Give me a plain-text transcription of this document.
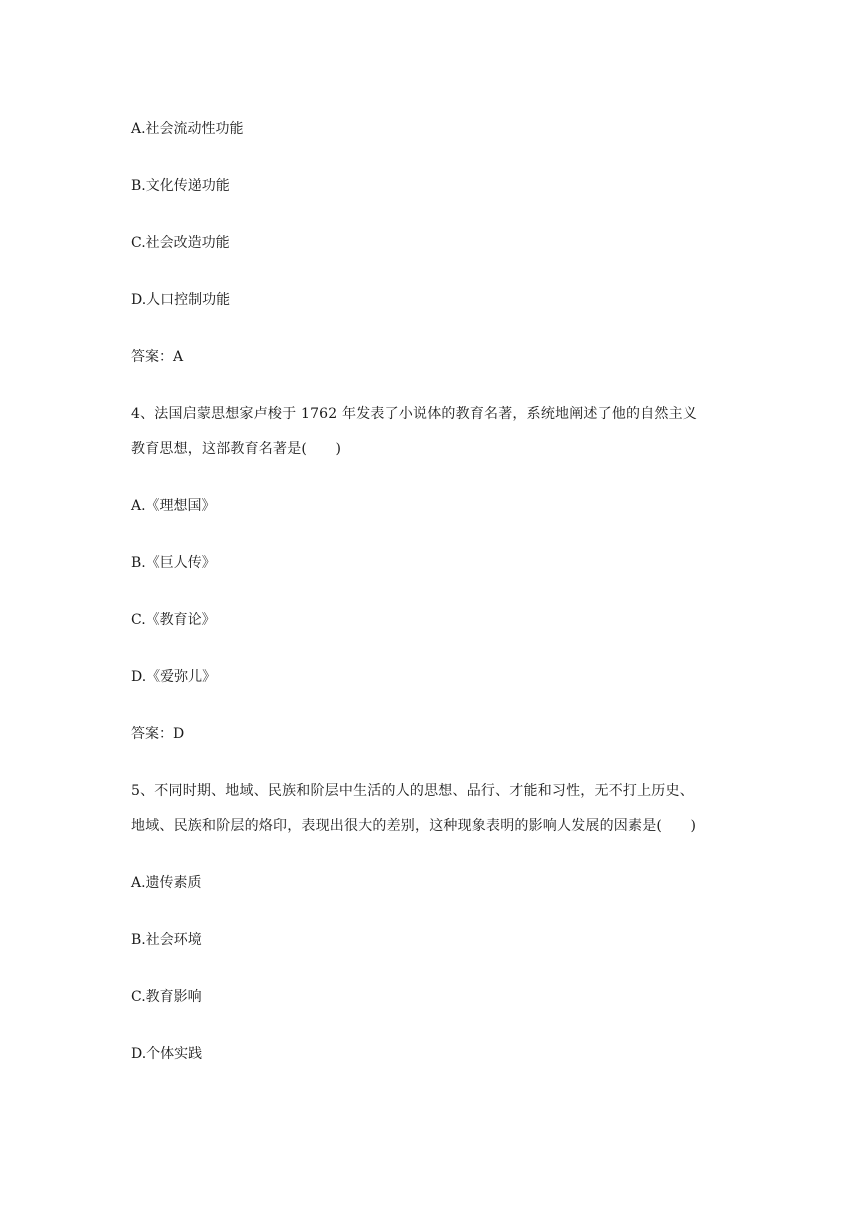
A.社会流动性功能
B.文化传递功能
C.社会改造功能
D.人口控制功能
答案：A
4、法国启蒙思想家卢梭于 1762 年发表了小说体的教育名著，系统地阐述了他的自然主义
教育思想，这部教育名著是(　　)
A.《理想国》
B.《巨人传》
C.《教育论》
D.《爱弥儿》
答案：D
5、不同时期、地域、民族和阶层中生活的人的思想、品行、才能和习性，无不打上历史、
地域、民族和阶层的烙印，表现出很大的差别，这种现象表明的影响人发展的因素是(　　)
A.遗传素质
B.社会环境
C.教育影响
D.个体实践
